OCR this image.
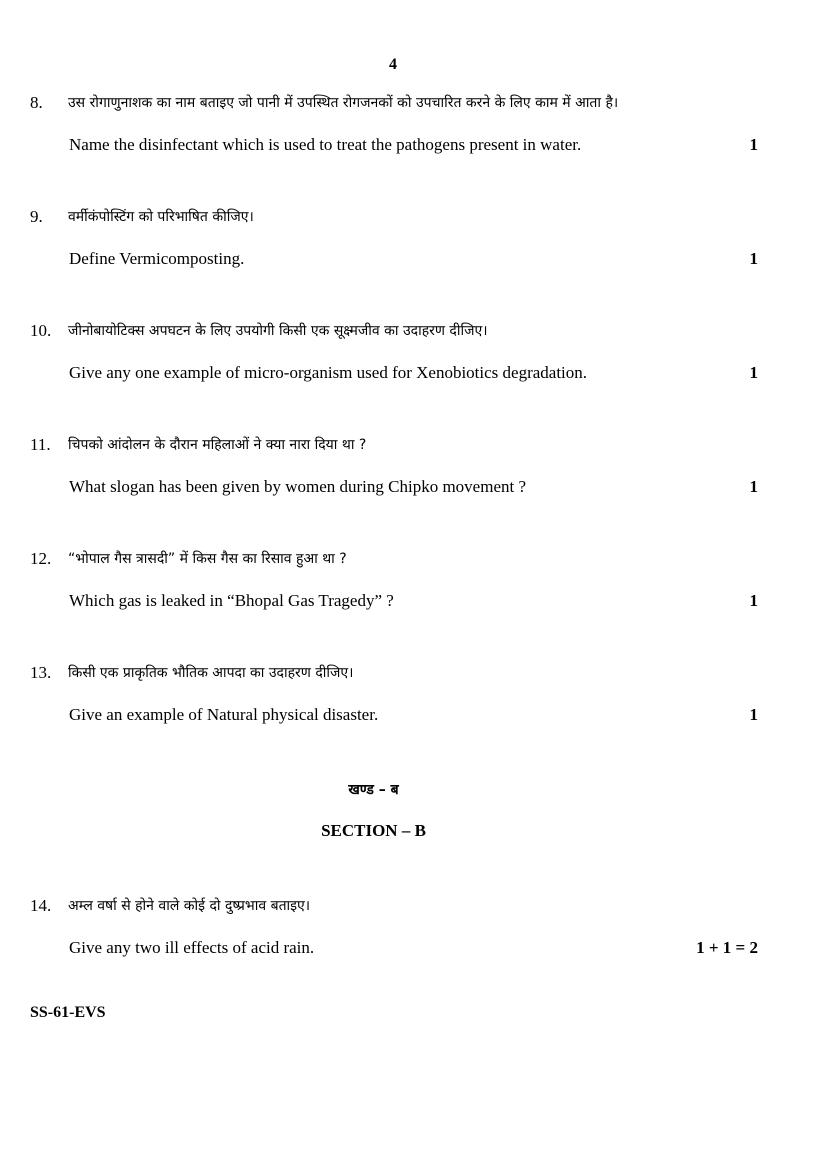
4
8. उस रोगाणुनाशक का नाम बताइए जो पानी में उपस्थित रोगजनकों को उपचारित करने के लिए काम में आता है।
Name the disinfectant which is used to treat the pathogens present in water.	1
9. वर्मीकंपोस्टिंग को परिभाषित कीजिए।
Define Vermicomposting.	1
10. जीनोबायोटिक्स अपघटन के लिए उपयोगी किसी एक सूक्ष्मजीव का उदाहरण दीजिए।
Give any one example of micro-organism used for Xenobiotics degradation.	1
11. चिपको आंदोलन के दौरान महिलाओं ने क्या नारा दिया था ?
What slogan has been given by women during Chipko movement ?	1
12. “भोपाल गैस त्रासदी” में किस गैस का रिसाव हुआ था ?
Which gas is leaked in “Bhopal Gas Tragedy” ?	1
13. किसी एक प्राकृतिक भौतिक आपदा का उदाहरण दीजिए।
Give an example of Natural physical disaster.	1
खण्ड – ब
SECTION – B
14. अम्ल वर्षा से होने वाले कोई दो दुष्प्रभाव बताइए।
Give any two ill effects of acid rain.	1 + 1 = 2
SS-61-EVS
